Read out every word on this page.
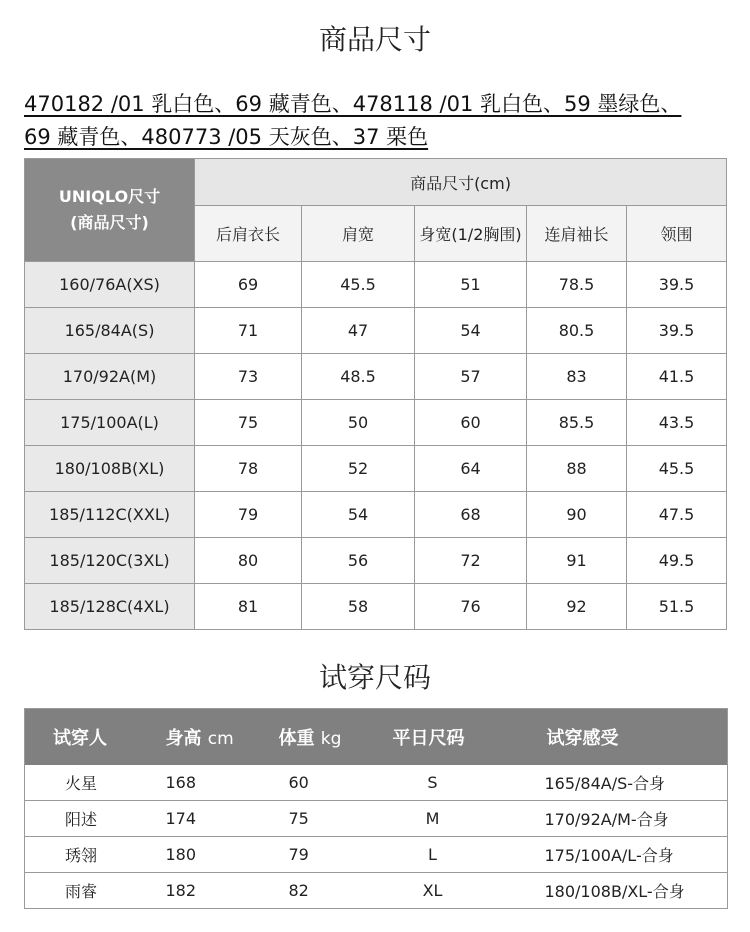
商品尺寸
470182 /01 乳白色、69 藏青色、478118 /01 乳白色、59 墨绿色、
69 藏青色、480773 /05 天灰色、37 栗色
UNIQLO尺寸
(商品尺寸)	商品尺寸(cm)				
	后肩衣长	肩宽	身宽(1/2胸围)	连肩袖长	领围
160/76A(XS)	69	45.5	51	78.5	39.5
165/84A(S)	71	47	54	80.5	39.5
170/92A(M)	73	48.5	57	83	41.5
175/100A(L)	75	50	60	85.5	43.5
180/108B(XL)	78	52	64	88	45.5
185/112C(XXL)	79	54	68	90	47.5
185/120C(3XL)	80	56	72	91	49.5
185/128C(4XL)	81	58	76	92	51.5
试穿尺码
试穿人	身高 cm	体重 kg	平日尺码	试穿感受
火星	168	60	S	165/84A/S-合身
阳述	174	75	M	170/92A/M-合身
琇翎	180	79	L	175/100A/L-合身
雨睿	182	82	XL	180/108B/XL-合身
